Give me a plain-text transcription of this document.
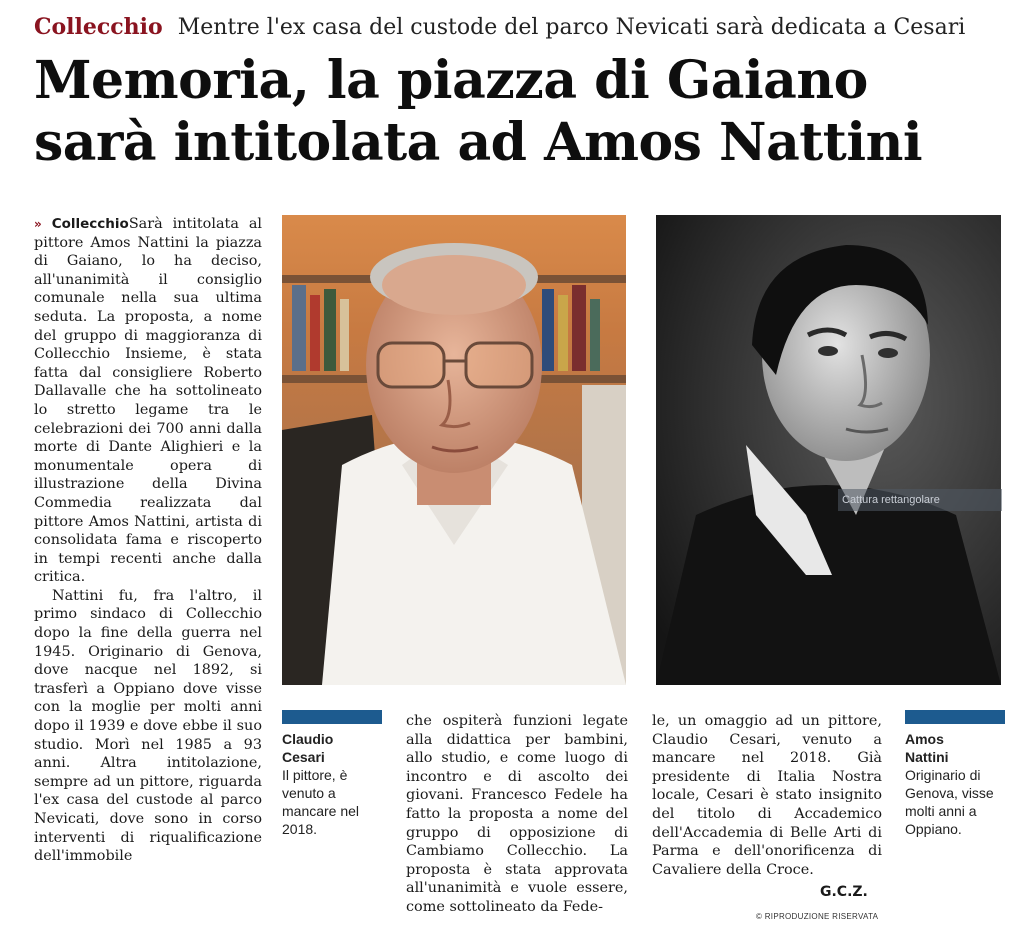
Collecchio Mentre l'ex casa del custode del parco Nevicati sarà dedicata a Cesari
Memoria, la piazza di Gaiano
sarà intitolata ad Amos Nattini

» CollecchioSarà intitolata al pittore Amos Nattini la piazza di Gaiano, lo ha deciso, all'unanimità il consiglio comunale nella sua ultima seduta. La proposta, a nome del gruppo di maggioranza di Collecchio Insieme, è stata fatta dal consigliere Roberto Dallavalle che ha sottolineato lo stretto legame tra le celebrazioni dei 700 anni dalla morte di Dante Alighieri e la monumentale opera di illustrazione della Divina Commedia realizzata dal pittore Amos Nattini, artista di consolidata fama e riscoperto in tempi recenti anche dalla critica.

Nattini fu, fra l'altro, il primo sindaco di Collecchio dopo la fine della guerra nel 1945. Originario di Genova, dove nacque nel 1892, si trasferì a Oppiano dove visse con la moglie per molti anni dopo il 1939 e dove ebbe il suo studio. Morì nel 1985 a 93 anni. Altra intitolazione, sempre ad un pittore, riguarda l'ex casa del custode al parco Nevicati, dove sono in corso interventi di riqualificazione dell'immobile

Cattura rettangolare
Claudio
Cesari
Il pittore, è venuto a mancare nel 2018.

che ospiterà funzioni legate alla didattica per bambini, allo studio, e come luogo di incontro e di ascolto dei giovani. Francesco Fedele ha fatto la proposta a nome del gruppo di opposizione di Cambiamo Collecchio. La proposta è stata approvata all'unanimità e vuole essere, come sottolineato da Fede-

le, un omaggio ad un pittore, Claudio Cesari, venuto a mancare nel 2018. Già presidente di Italia Nostra locale, Cesari è stato insignito del titolo di Accademico dell'Accademia di Belle Arti di Parma e dell'onorificenza di Cavaliere della Croce.

G.C.Z.
© RIPRODUZIONE RISERVATA
Amos
Nattini
Originario di Genova, visse molti anni a Oppiano.
